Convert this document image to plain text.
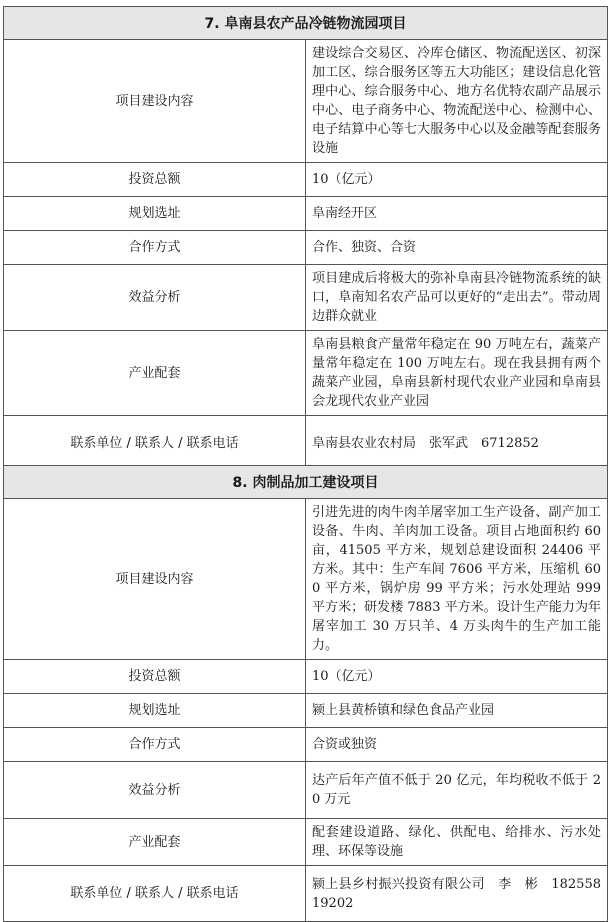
7. 阜南县农产品冷链物流园项目	
项目建设内容	建设综合交易区、冷库仓储区、物流配送区、初深加工区、综合服务区等五大功能区；建设信息化管理中心、综合服务中心、地方名优特农副产品展示中心、电子商务中心、物流配送中心、检测中心、电子结算中心等七大服务中心以及金融等配套服务设施
投资总额	10（亿元）
规划选址	阜南经开区
合作方式	合作、独资、合资
效益分析	项目建成后将极大的弥补阜南县冷链物流系统的缺口，阜南知名农产品可以更好的“走出去”。带动周边群众就业
产业配套	阜南县粮食产量常年稳定在 90 万吨左右，蔬菜产量常年稳定在 100 万吨左右。现在我县拥有两个蔬菜产业园，阜南县新村现代农业产业园和阜南县会龙现代农业产业园
联系单位 / 联系人 / 联系电话	阜南县农业农村局　张军武　6712852
8. 肉制品加工建设项目	
项目建设内容	引进先进的肉牛肉羊屠宰加工生产设备、副产加工设备、牛肉、羊肉加工设备。项目占地面积约 60 亩，41505 平方米，规划总建设面积 24406 平方米。其中：生产车间 7606 平方米，压缩机 600 平方米，锅炉房 99 平方米；污水处理站 999 平方米；研发楼 7883 平方米。设计生产能力为年屠宰加工 30 万只羊、4 万头肉牛的生产加工能力。
投资总额	10（亿元）
规划选址	颍上县黄桥镇和绿色食品产业园
合作方式	合资或独资
效益分析	达产后年产值不低于 20 亿元，年均税收不低于 20 万元
产业配套	配套建设道路、绿化、供配电、给排水、污水处理、环保等设施
联系单位 / 联系人 / 联系电话	颍上县乡村振兴投资有限公司　李　彬　18255819202
